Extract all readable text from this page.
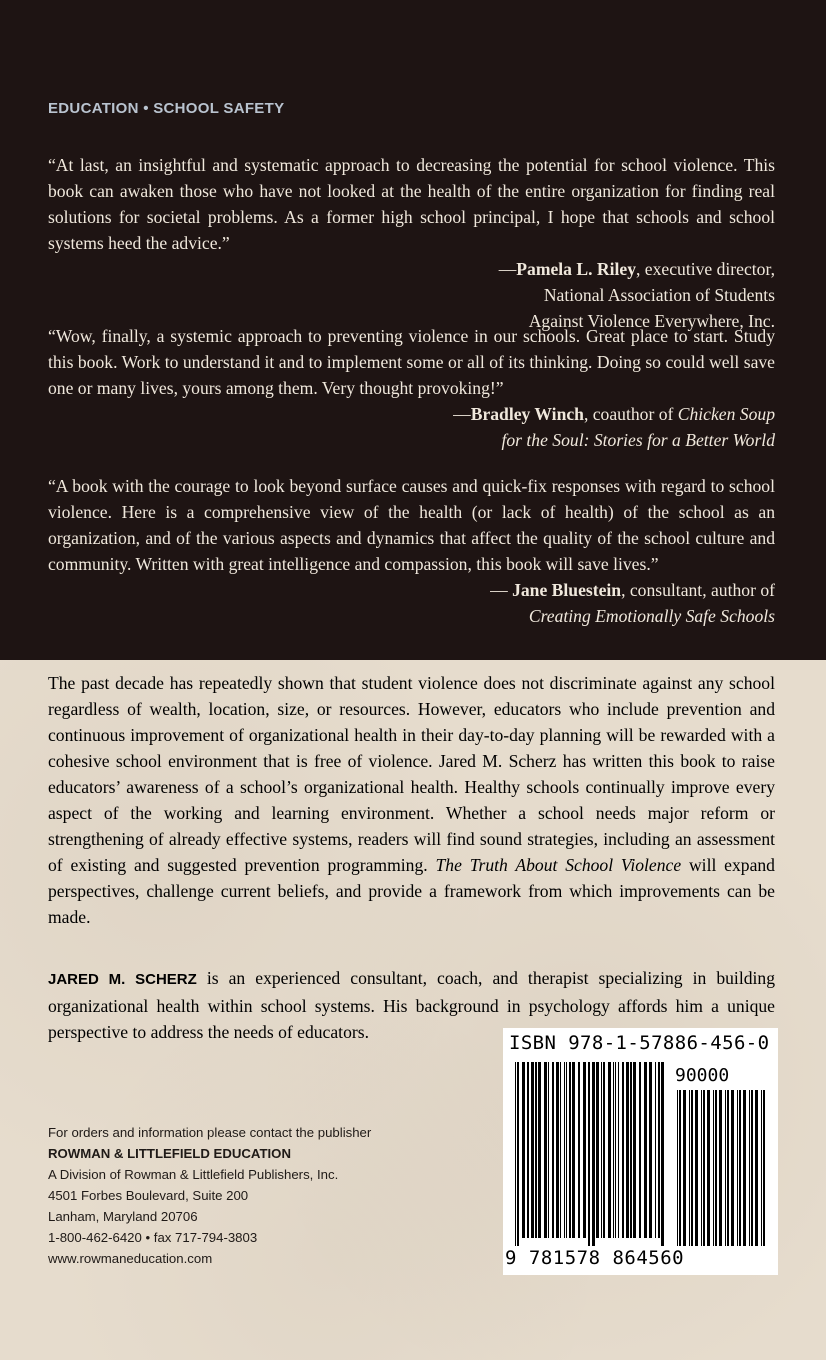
EDUCATION • SCHOOL SAFETY
“At last, an insightful and systematic approach to decreasing the potential for school violence. This book can awaken those who have not looked at the health of the entire organization for finding real solutions for societal problems. As a former high school principal, I hope that schools and school systems heed the advice.”
—Pamela L. Riley, executive director,
National Association of Students
Against Violence Everywhere, Inc.
“Wow, finally, a systemic approach to preventing violence in our schools. Great place to start. Study this book. Work to understand it and to implement some or all of its thinking. Doing so could well save one or many lives, yours among them. Very thought provoking!”
—Bradley Winch, coauthor of Chicken Soup
for the Soul: Stories for a Better World
“A book with the courage to look beyond surface causes and quick-fix responses with regard to school violence. Here is a comprehensive view of the health (or lack of health) of the school as an organization, and of the various aspects and dynamics that affect the quality of the school culture and community. Written with great intelligence and compassion, this book will save lives.”
— Jane Bluestein, consultant, author of
Creating Emotionally Safe Schools
The past decade has repeatedly shown that student violence does not discriminate against any school regardless of wealth, location, size, or resources. However, educators who include prevention and continuous improvement of organizational health in their day-to-day planning will be rewarded with a cohesive school environment that is free of violence. Jared M. Scherz has written this book to raise educators’ awareness of a school’s organizational health. Healthy schools continually improve every aspect of the working and learning environment. Whether a school needs major reform or strengthening of already effective systems, readers will find sound strategies, including an assessment of existing and suggested prevention programming. The Truth About School Violence will expand perspectives, challenge current beliefs, and provide a framework from which improvements can be made.
JARED M. SCHERZ is an experienced consultant, coach, and therapist specializing in building organizational health within school systems. His background in psychology affords him a unique perspective to address the needs of educators.
For orders and information please contact the publisher
ROWMAN & LITTLEFIELD EDUCATION
A Division of Rowman & Littlefield Publishers, Inc.
4501 Forbes Boulevard, Suite 200
Lanham, Maryland 20706
1-800-462-6420 • fax 717-794-3803
www.rowmaneducation.com
ISBN 978-1-57886-456-0
90000
9 781578 864560
